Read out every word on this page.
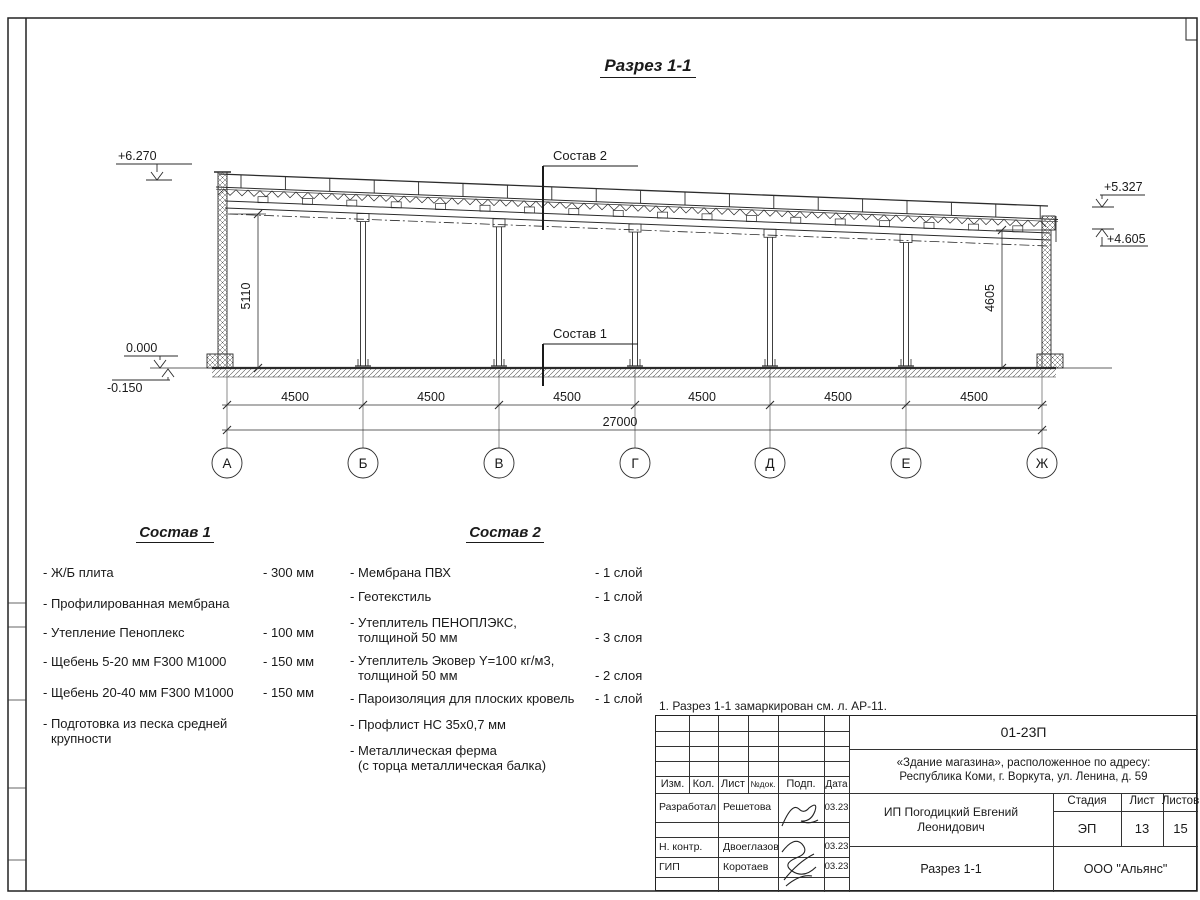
4500	4500	4500	4500	4500	4500
27000
5110	4605
А	Б	В	Г	Д	Е	Ж
+6.270
0.000
-0.150
+5.327
+4.605
Состав 2
Состав 1
Разрез 1-1
Состав 1
- Ж/Б плита	- 300 мм
- Профилированная мембрана
- Утепление Пеноплекс	- 100 мм
- Щебень 5-20 мм F300 М1000	- 150 мм
- Щебень 20-40 мм F300 М1000	- 150 мм
- Подготовка из песка средней
крупности
Состав 2
- Мембрана ПВХ	- 1 слой
- Геотекстиль	- 1 слой
- Утеплитель ПЕНОПЛЭКС,
толщиной 50 мм	- 3 слоя
- Утеплитель Эковер Y=100 кг/м3,
толщиной 50 мм	- 2 слоя
- Пароизоляция для плоских кровель	- 1 слой
- Профлист НС 35х0,7 мм
- Металлическая ферма
(с торца металлическая балка)
1. Разрез 1-1 замаркирован см. л. АР-11.
Изм. Кол. Лист №док. Подп. Дата
Разработал Решетова	03.23
Н. контр.	Двоеглазов	03.23
ГИП	Коротаев	03.23
01-23П
«Здание магазина», расположенное по адресу:
Республика Коми, г. Воркута, ул. Ленина, д. 59
ИП Погодицкий Евгений Леонидович
Стадия	Лист Листов
ЭП	13	15
Разрез 1-1	ООО "Альянс"
